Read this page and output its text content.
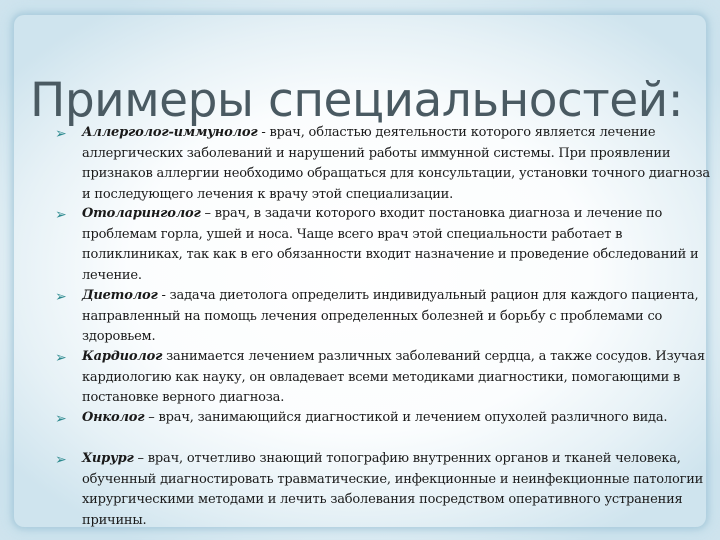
Примеры специальностей:
➢	Аллерголог-иммунолог - врач, областью деятельности которого является лечение аллергических заболеваний и нарушений работы иммунной системы. При проявлении признаков аллергии необходимо обращаться для консультации, установки точного диагноза и последующего лечения к врачу этой специализации.
➢	Отоларинголог – врач, в задачи которого входит постановка диагноза и лечение по проблемам горла, ушей и носа. Чаще всего врач этой специальности работает в поликлиниках, так как в его обязанности входит назначение и проведение обследований и лечение.
➢	Диетолог - задача диетолога определить индивидуальный рацион для каждого пациента, направленный на помощь лечения определенных болезней и борьбу с проблемами со здоровьем.
➢	Кардиолог занимается лечением различных заболеваний сердца, а также сосудов. Изучая кардиологию как науку, он овладевает всеми методиками диагностики, помогающими в постановке верного диагноза.
➢	Онколог – врач, занимающийся диагностикой и лечением опухолей различного вида.
➢	Хирург – врач, отчетливо знающий топографию внутренних органов и тканей человека, обученный диагностировать травматические, инфекционные и неинфекционные патологии хирургическими методами и лечить заболевания посредством оперативного устранения причины.
